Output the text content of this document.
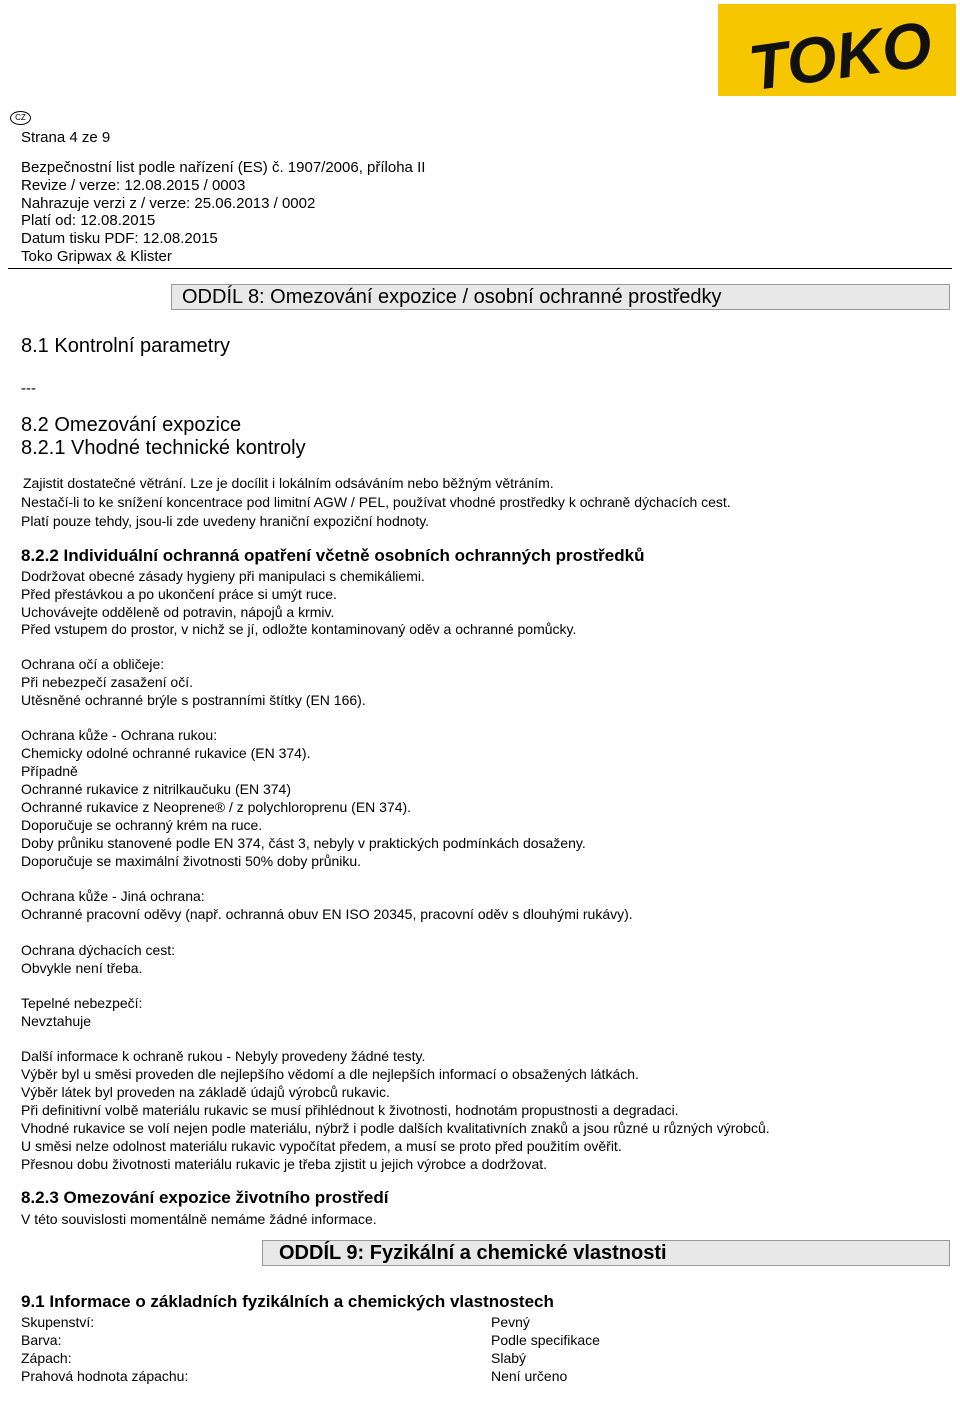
TOKO
CZ
Strana 4 ze 9
Bezpečnostní list podle nařízení (ES) č. 1907/2006, příloha II
Revize / verze: 12.08.2015 / 0003
Nahrazuje verzi z / verze: 25.06.2013 / 0002
Platí od: 12.08.2015
Datum tisku PDF: 12.08.2015
Toko Gripwax & Klister
ODDÍL 8: Omezování expozice / osobní ochranné prostředky
8.1 Kontrolní parametry
---
8.2 Omezování expozice
8.2.1 Vhodné technické kontroly
Zajistit dostatečné větrání. Lze je docílit i lokálním odsáváním nebo běžným větráním.
Nestačí-li to ke snížení koncentrace pod limitní AGW / PEL, používat vhodné prostředky k ochraně dýchacích cest.
Platí pouze tehdy, jsou-li zde uvedeny hraniční expoziční hodnoty.
8.2.2 Individuální ochranná opatření včetně osobních ochranných prostředků
Dodržovat obecné zásady hygieny při manipulaci s chemikáliemi.
Před přestávkou a po ukončení práce si umýt ruce.
Uchovávejte odděleně od potravin, nápojů a krmiv.
Před vstupem do prostor, v nichž se jí, odložte kontaminovaný oděv a ochranné pomůcky.
Ochrana očí a obličeje:
Při nebezpečí zasažení očí.
Utěsněné ochranné brýle s postranními štítky (EN 166).
Ochrana kůže - Ochrana rukou:
Chemicky odolné ochranné rukavice (EN 374).
Případně
Ochranné rukavice z nitrilkaučuku (EN 374)
Ochranné rukavice z Neoprene® / z polychloroprenu (EN 374).
Doporučuje se ochranný krém na ruce.
Doby průniku stanovené podle EN 374, část 3, nebyly v praktických podmínkách dosaženy.
Doporučuje se maximální životnosti 50% doby průniku.
Ochrana kůže - Jiná ochrana:
Ochranné pracovní oděvy (např. ochranná obuv EN ISO 20345, pracovní oděv s dlouhými rukávy).
Ochrana dýchacích cest:
Obvykle není třeba.
Tepelné nebezpečí:
Nevztahuje
Další informace k ochraně rukou - Nebyly provedeny žádné testy.
Výběr byl u směsi proveden dle nejlepšího vědomí a dle nejlepších informací o obsažených látkách.
Výběr látek byl proveden na základě údajů výrobců rukavic.
Při definitivní volbě materiálu rukavic se musí přihlédnout k životnosti, hodnotám propustnosti a degradaci.
Vhodné rukavice se volí nejen podle materiálu, nýbrž i podle dalších kvalitativních znaků a jsou různé u různých výrobců.
U směsi nelze odolnost materiálu rukavic vypočítat předem, a musí se proto před použitím ověřit.
Přesnou dobu životnosti materiálu rukavic je třeba zjistit u jejich výrobce a dodržovat.
8.2.3 Omezování expozice životního prostředí
V této souvislosti momentálně nemáme žádné informace.
ODDÍL 9: Fyzikální a chemické vlastnosti
9.1 Informace o základních fyzikálních a chemických vlastnostech
Skupenství:	Pevný
Barva:	Podle specifikace
Zápach:	Slabý
Prahová hodnota zápachu:	Není určeno
